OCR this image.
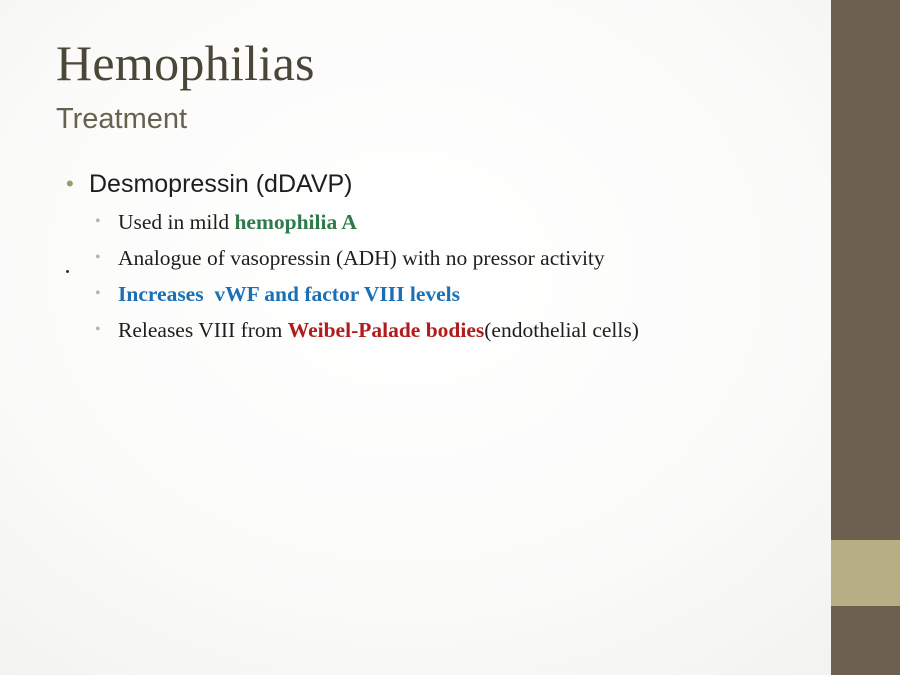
Hemophilias
Treatment
• Desmopressin (dDAVP)
• Used in mild hemophilia A
• Analogue of vasopressin (ADH) with no pressor activity
• Increases  vWF and factor VIII levels
• Releases VIII from Weibel-Palade bodies (endothelial cells)
